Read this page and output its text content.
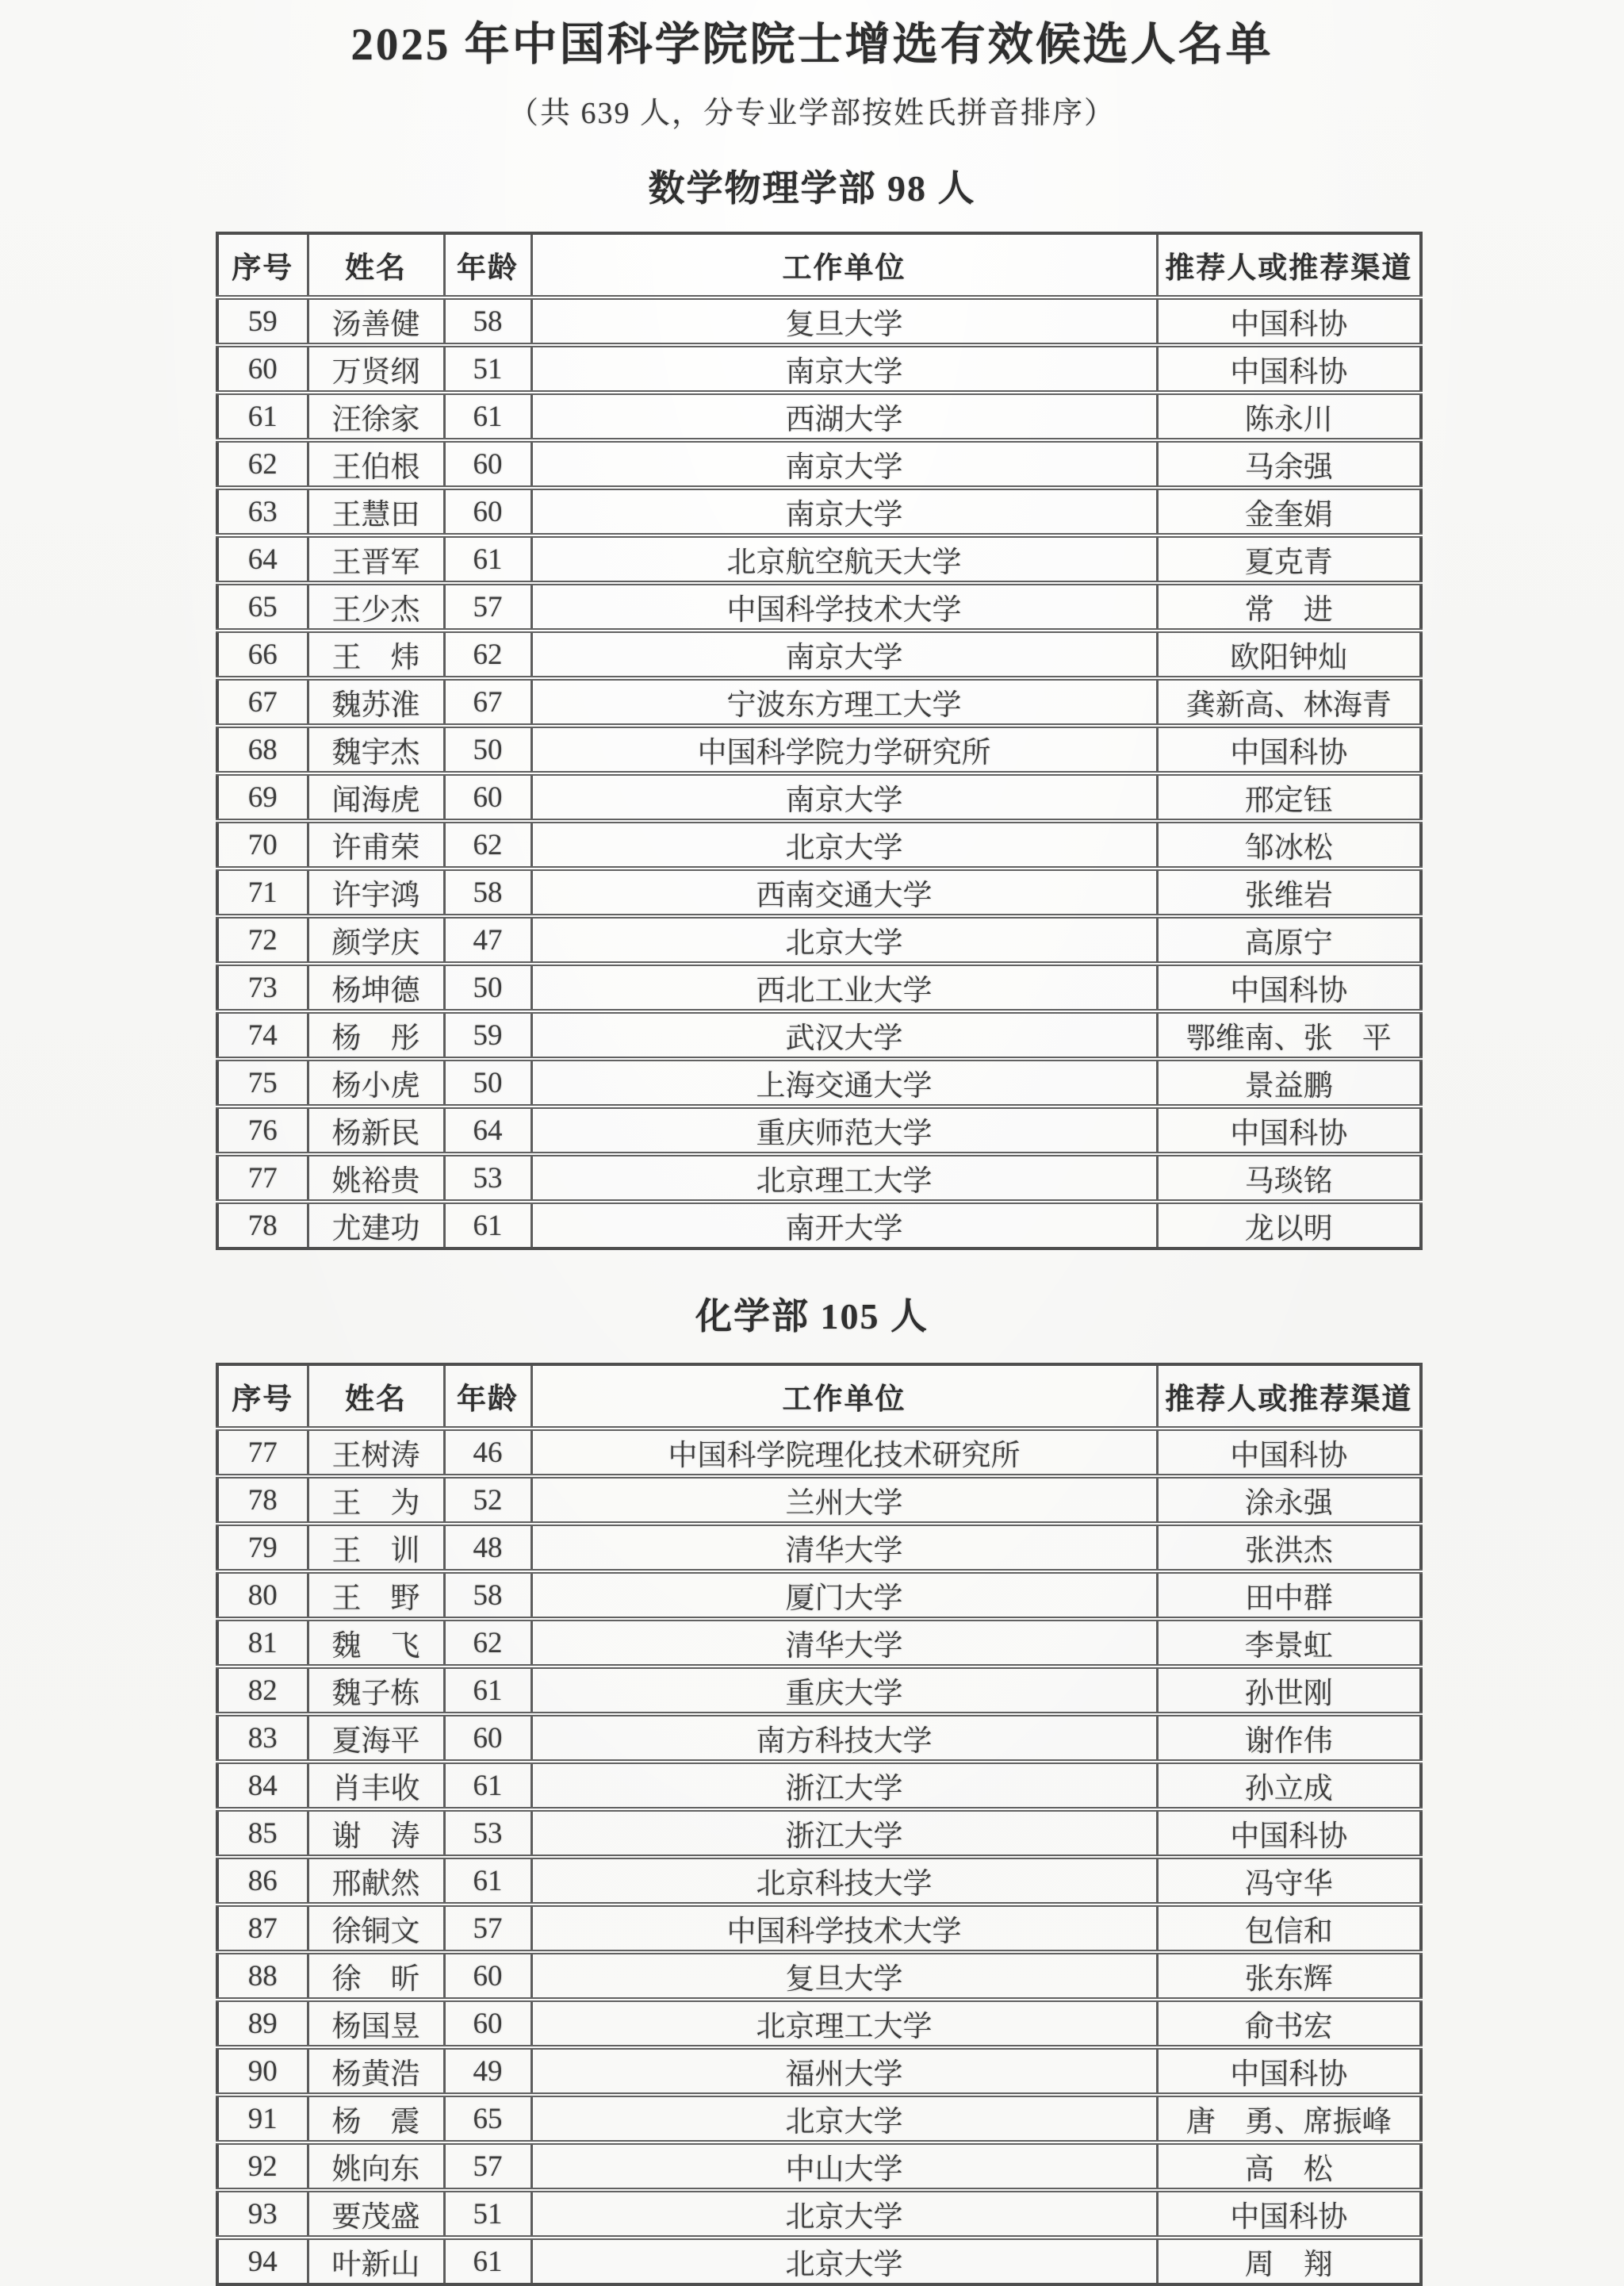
2025 年中国科学院院士增选有效候选人名单
（共 639 人，分专业学部按姓氏拼音排序）
数学物理学部 98 人
序号	姓名	年龄	工作单位	推荐人或推荐渠道
59	汤善健	58	复旦大学	中国科协
60	万贤纲	51	南京大学	中国科协
61	汪徐家	61	西湖大学	陈永川
62	王伯根	60	南京大学	马余强
63	王慧田	60	南京大学	金奎娟
64	王晋军	61	北京航空航天大学	夏克青
65	王少杰	57	中国科学技术大学	常　进
66	王　炜	62	南京大学	欧阳钟灿
67	魏苏淮	67	宁波东方理工大学	龚新高、林海青
68	魏宇杰	50	中国科学院力学研究所	中国科协
69	闻海虎	60	南京大学	邢定钰
70	许甫荣	62	北京大学	邹冰松
71	许宇鸿	58	西南交通大学	张维岩
72	颜学庆	47	北京大学	高原宁
73	杨坤德	50	西北工业大学	中国科协
74	杨　彤	59	武汉大学	鄂维南、张　平
75	杨小虎	50	上海交通大学	景益鹏
76	杨新民	64	重庆师范大学	中国科协
77	姚裕贵	53	北京理工大学	马琰铭
78	尤建功	61	南开大学	龙以明
化学部 105 人
序号	姓名	年龄	工作单位	推荐人或推荐渠道
77	王树涛	46	中国科学院理化技术研究所	中国科协
78	王　为	52	兰州大学	涂永强
79	王　训	48	清华大学	张洪杰
80	王　野	58	厦门大学	田中群
81	魏　飞	62	清华大学	李景虹
82	魏子栋	61	重庆大学	孙世刚
83	夏海平	60	南方科技大学	谢作伟
84	肖丰收	61	浙江大学	孙立成
85	谢　涛	53	浙江大学	中国科协
86	邢献然	61	北京科技大学	冯守华
87	徐铜文	57	中国科学技术大学	包信和
88	徐　昕	60	复旦大学	张东辉
89	杨国昱	60	北京理工大学	俞书宏
90	杨黄浩	49	福州大学	中国科协
91	杨　震	65	北京大学	唐　勇、席振峰
92	姚向东	57	中山大学	高　松
93	要茂盛	51	北京大学	中国科协
94	叶新山	61	北京大学	周　翔
